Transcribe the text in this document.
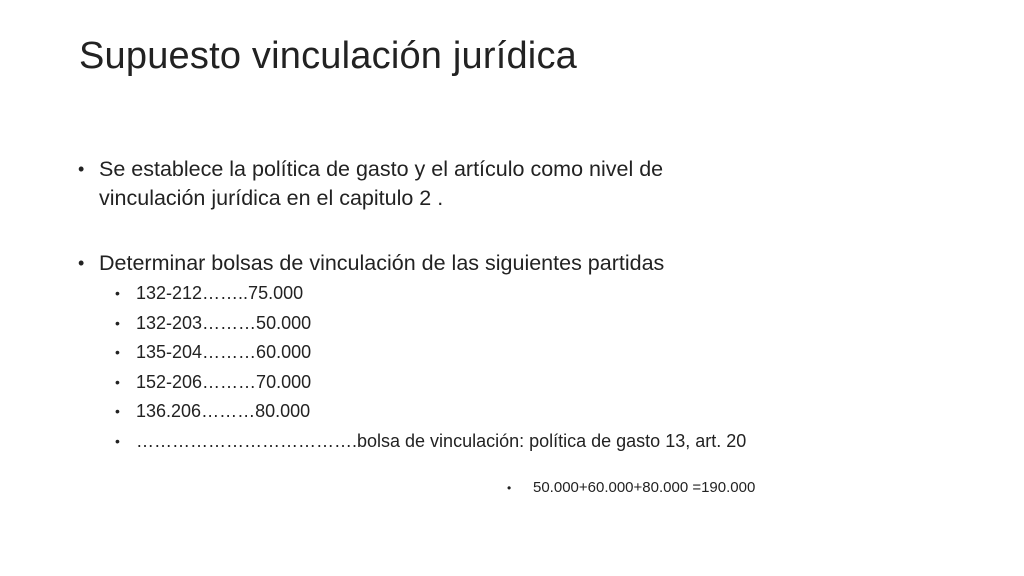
Supuesto vinculación jurídica
• Se establece la política de gasto y el artículo como nivel de
vinculación jurídica en el capitulo 2 .
• Determinar bolsas de vinculación de las siguientes partidas
• 132-212……..75.000
• 132-203………50.000
• 135-204………60.000
• 152-206………70.000
• 136.206………80.000
• ……………………………….bolsa de vinculación: política de gasto 13, art. 20
• 50.000+60.000+80.000 =190.000
